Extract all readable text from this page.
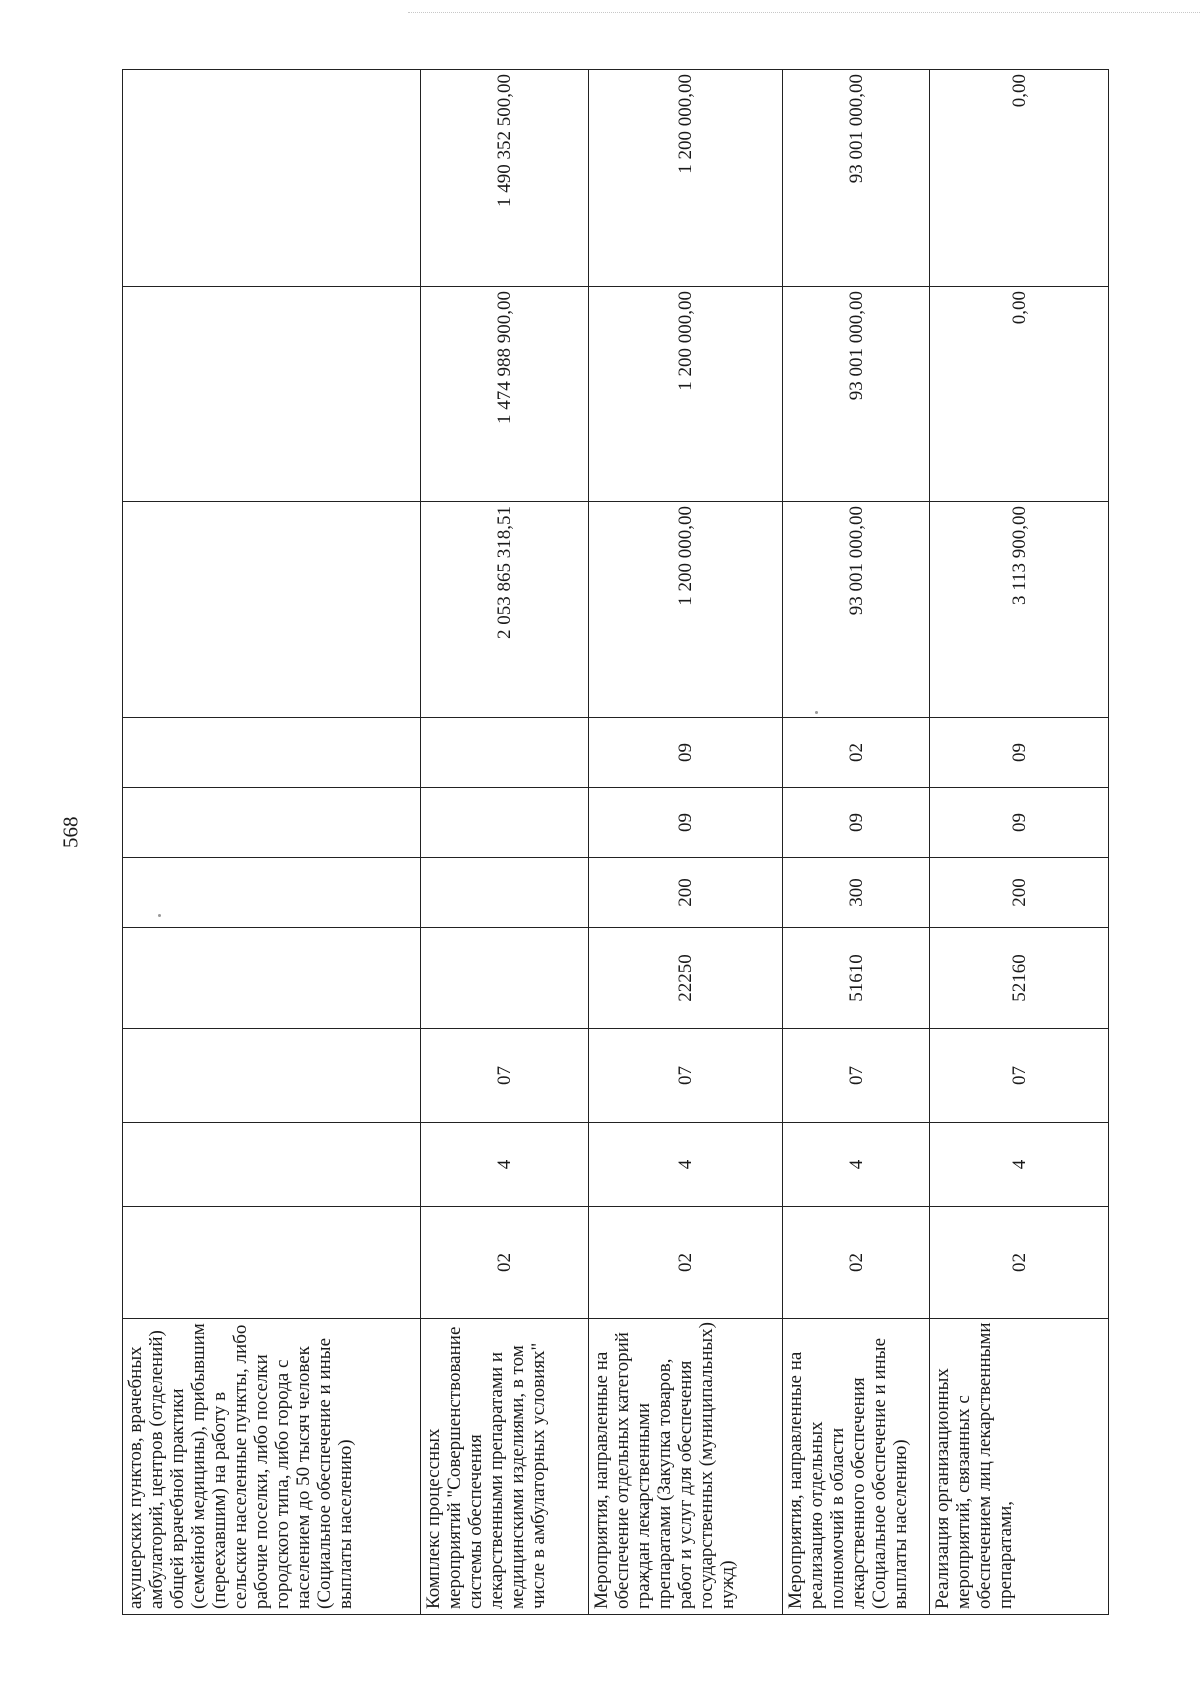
568
акушерских пунктов, врачебных амбулаторий, центров (отделений) общей врачебной практики (семейной медицины), прибывшим (переехавшим) на работу в сельские населенные пункты, либо рабочие поселки, либо поселки городского типа, либо города с населением до 50 тысяч человек (Социальное обеспечение и иные выплаты населению)										
Комплекс процессных мероприятий "Совершенствование системы обеспечения лекарственными препаратами и медицинскими изделиями, в том числе в амбулаторных условиях"	02	4	07					2 053 865 318,51	1 474 988 900,00	1 490 352 500,00
Мероприятия, направленные на обеспечение отдельных категорий граждан лекарственными препаратами (Закупка товаров, работ и услуг для обеспечения государственных (муниципальных) нужд)	02	4	07	22250	200	09	09	1 200 000,00	1 200 000,00	1 200 000,00
Мероприятия, направленные на реализацию отдельных полномочий в области лекарственного обеспечения (Социальное обеспечение и иные выплаты населению)	02	4	07	51610	300	09	02	93 001 000,00	93 001 000,00	93 001 000,00
Реализация организационных мероприятий, связанных с обеспечением лиц лекарственными препаратами,	02	4	07	52160	200	09	09	3 113 900,00	0,00	0,00
